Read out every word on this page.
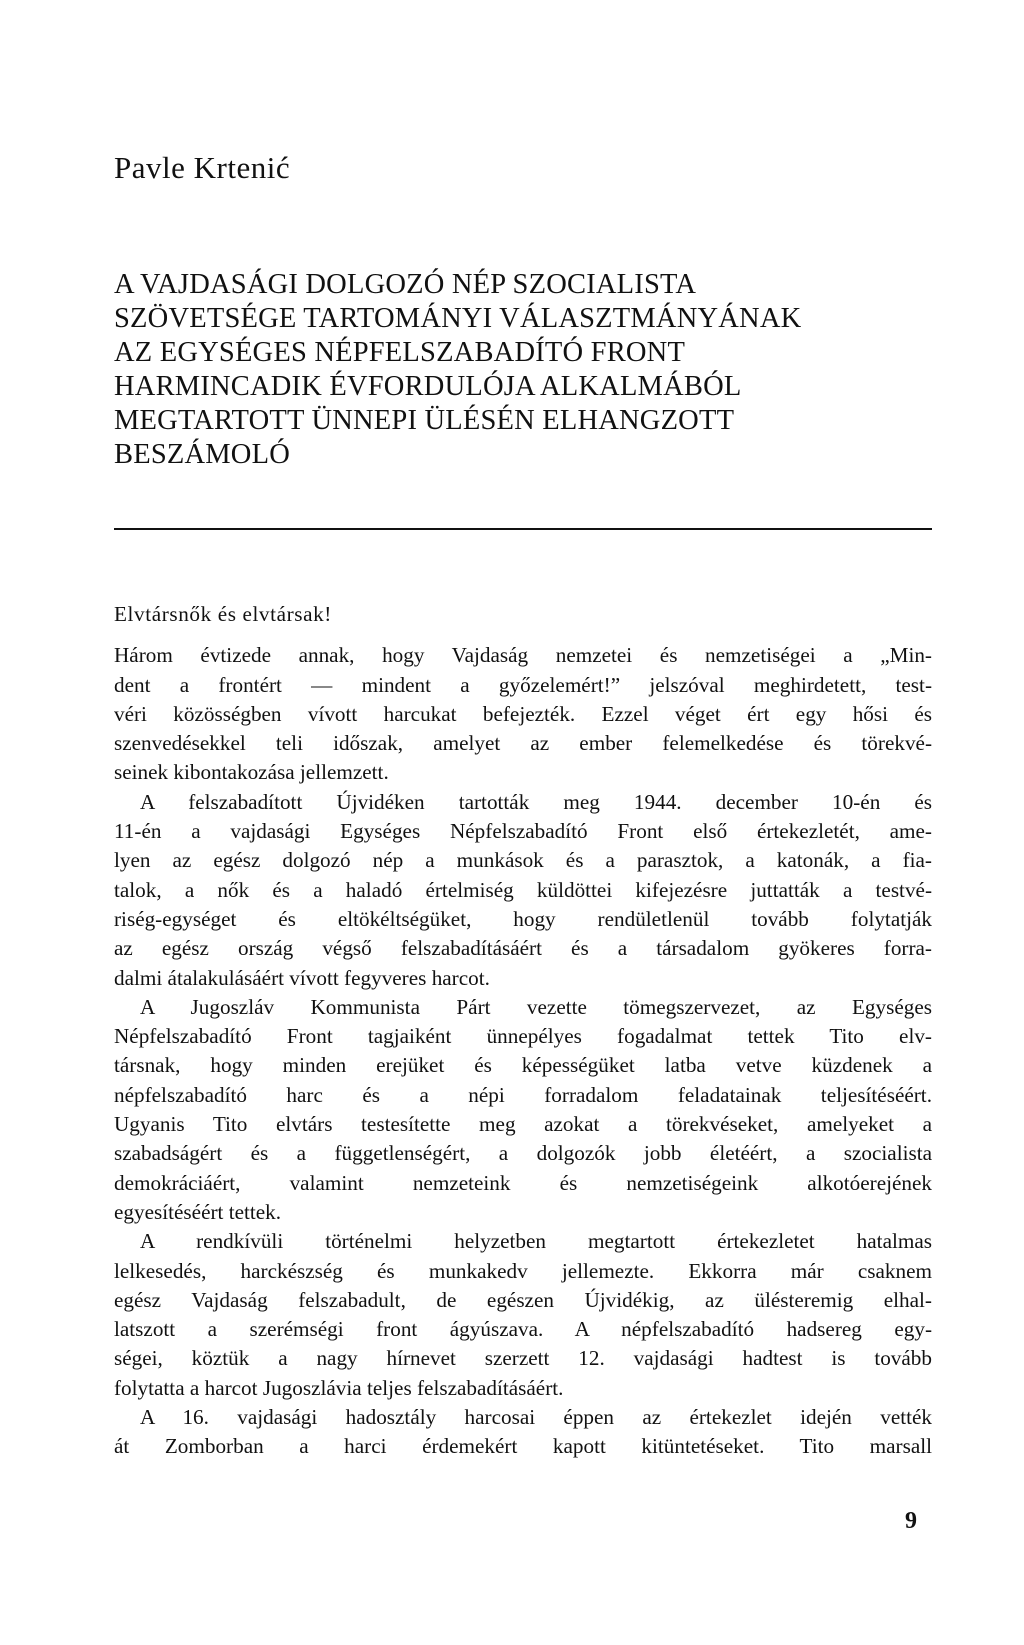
Pavle Krtenić
A VAJDASÁGI DOLGOZÓ NÉP SZOCIALISTA
SZÖVETSÉGE TARTOMÁNYI VÁLASZTMÁNYÁNAK
AZ EGYSÉGES NÉPFELSZABADÍTÓ FRONT
HARMINCADIK ÉVFORDULÓJA ALKALMÁBÓL
MEGTARTOTT ÜNNEPI ÜLÉSÉN ELHANGZOTT
BESZÁMOLÓ

Elvtársnők és elvtársak!

Három évtizede annak, hogy Vajdaság nemzetei és nemzetiségei a „Min-
dent a frontért — mindent a győzelemért!” jelszóval meghirdetett, test-
véri közösségben vívott harcukat befejezték. Ezzel véget ért egy hősi és
szenvedésekkel teli időszak, amelyet az ember felemelkedése és törekvé-
seinek kibontakozása jellemzett.

A felszabadított Újvidéken tartották meg 1944. december 10-én és
11-én a vajdasági Egységes Népfelszabadító Front első értekezletét, ame-
lyen az egész dolgozó nép a munkások és a parasztok, a katonák, a fia-
talok, a nők és a haladó értelmiség küldöttei kifejezésre juttatták a testvé-
riség-egységet és eltökéltségüket, hogy rendületlenül tovább folytatják
az egész ország végső felszabadításáért és a társadalom gyökeres forra-
dalmi átalakulásáért vívott fegyveres harcot.

A Jugoszláv Kommunista Párt vezette tömegszervezet, az Egységes
Népfelszabadító Front tagjaiként ünnepélyes fogadalmat tettek Tito elv-
társnak, hogy minden erejüket és képességüket latba vetve küzdenek a
népfelszabadító harc és a népi forradalom feladatainak teljesítéséért.
Ugyanis Tito elvtárs testesítette meg azokat a törekvéseket, amelyeket a
szabadságért és a függetlenségért, a dolgozók jobb életéért, a szocialista
demokráciáért, valamint nemzeteink és nemzetiségeink alkotóerejének
egyesítéséért tettek.

A rendkívüli történelmi helyzetben megtartott értekezletet hatalmas
lelkesedés, harckészség és munkakedv jellemezte. Ekkorra már csaknem
egész Vajdaság felszabadult, de egészen Újvidékig, az ülésteremig elhal-
latszott a szerémségi front ágyúszava. A népfelszabadító hadsereg egy-
ségei, köztük a nagy hírnevet szerzett 12. vajdasági hadtest is tovább
folytatta a harcot Jugoszlávia teljes felszabadításáért.

A 16. vajdasági hadosztály harcosai éppen az értekezlet idején vették
át Zomborban a harci érdemekért kapott kitüntetéseket. Tito marsall

9
